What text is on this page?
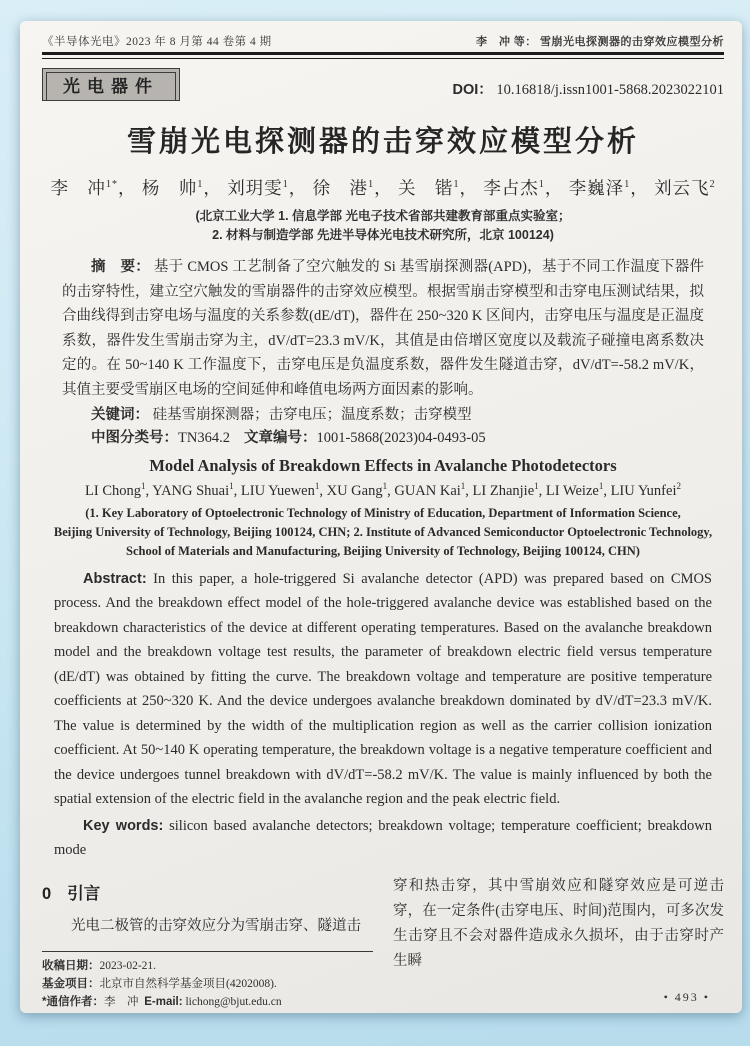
《半导体光电》2023 年 8 月第 44 卷第 4 期	李　冲 等： 雪崩光电探测器的击穿效应模型分析
光电器件	DOI： 10.16818/j.issn1001-5868.2023022101
雪崩光电探测器的击穿效应模型分析
李　冲$^{1*}$， 杨　帅$^1$， 刘玥雯$^1$， 徐　港$^1$， 关　锴$^1$， 李占杰$^1$， 李巍泽$^1$， 刘云飞$^2$
(北京工业大学 1. 信息学部 光电子技术省部共建教育部重点实验室；
2. 材料与制造学部 先进半导体光电技术研究所，北京 100124)

摘　要： 基于 CMOS 工艺制备了空穴触发的 Si 基雪崩探测器(APD)，基于不同工作温度下器件的击穿特性，建立空穴触发的雪崩器件的击穿效应模型。根据雪崩击穿模型和击穿电压测试结果，拟合曲线得到击穿电场与温度的关系参数(dE/dT)，器件在 250~320 K 区间内，击穿电压与温度是正温度系数，器件发生雪崩击穿为主，dV/dT=23.3 mV/K，其值是由倍增区宽度以及载流子碰撞电离系数决定的。在 50~140 K 工作温度下，击穿电压是负温度系数，器件发生隧道击穿，dV/dT=-58.2 mV/K，其值主要受雪崩区电场的空间延伸和峰值电场两方面因素的影响。

关键词： 硅基雪崩探测器；击穿电压；温度系数；击穿模型

中图分类号：TN364.2 文章编号：1001-5868(2023)04-0493-05

Model Analysis of Breakdown Effects in Avalanche Photodetectors
LI Chong$^1$, YANG Shuai$^1$, LIU Yuewen$^1$, XU Gang$^1$, GUAN Kai$^1$, LI Zhanjie$^1$, LI Weize$^1$, LIU Yunfei$^2$
(1. Key Laboratory of Optoelectronic Technology of Ministry of Education, Department of Information Science,
Beijing University of Technology, Beijing 100124, CHN; 2. Institute of Advanced Semiconductor Optoelectronic Technology,
School of Materials and Manufacturing, Beijing University of Technology, Beijing 100124, CHN)

Abstract: In this paper, a hole-triggered Si avalanche detector (APD) was prepared based on CMOS process. And the breakdown effect model of the hole-triggered avalanche device was established based on the breakdown characteristics of the device at different operating temperatures. Based on the avalanche breakdown model and the breakdown voltage test results, the parameter of breakdown electric field versus temperature (dE/dT) was obtained by fitting the curve. The breakdown voltage and temperature are positive temperature coefficients at 250~320 K. And the device undergoes avalanche breakdown dominated by dV/dT=23.3 mV/K. The value is determined by the width of the multiplication region as well as the carrier collision ionization coefficient. At 50~140 K operating temperature, the breakdown voltage is a negative temperature coefficient and the device undergoes tunnel breakdown with dV/dT=-58.2 mV/K. The value is mainly influenced by both the spatial extension of the electric field in the avalanche region and the peak electric field.

Key words: silicon based avalanche detectors; breakdown voltage; temperature coefficient; breakdown mode

0 引言

光电二极管的击穿效应分为雪崩击穿、隧道击

收稿日期：2023-02-21.
基金项目：北京市自然科学基金项目(4202008).
*通信作者：李　冲 E-mail: lichong@bjut.edu.cn

穿和热击穿，其中雪崩效应和隧穿效应是可逆击穿，在一定条件(击穿电压、时间)范围内，可多次发生击穿且不会对器件造成永久损坏，由于击穿时产生瞬

• 493 •
